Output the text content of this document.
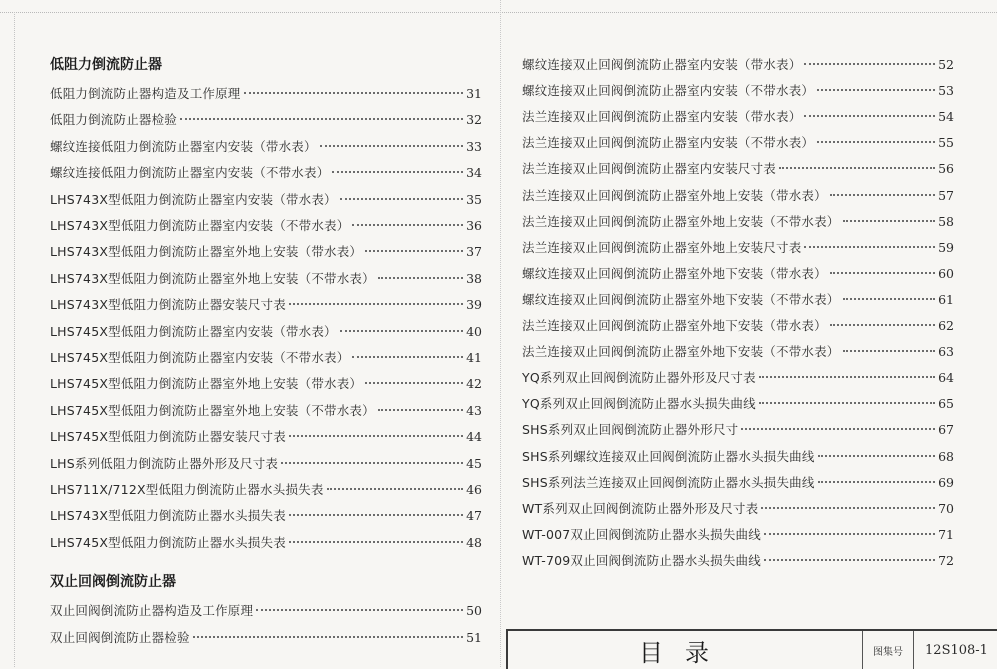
低阻力倒流防止器
低阻力倒流防止器构造及工作原理	31
低阻力倒流防止器检验	32
螺纹连接低阻力倒流防止器室内安装（带水表）	33
螺纹连接低阻力倒流防止器室内安装（不带水表）	34
LHS743X型低阻力倒流防止器室内安装（带水表）	35
LHS743X型低阻力倒流防止器室内安装（不带水表）	36
LHS743X型低阻力倒流防止器室外地上安装（带水表）	37
LHS743X型低阻力倒流防止器室外地上安装（不带水表）	38
LHS743X型低阻力倒流防止器安装尺寸表	39
LHS745X型低阻力倒流防止器室内安装（带水表）	40
LHS745X型低阻力倒流防止器室内安装（不带水表）	41
LHS745X型低阻力倒流防止器室外地上安装（带水表）	42
LHS745X型低阻力倒流防止器室外地上安装（不带水表）	43
LHS745X型低阻力倒流防止器安装尺寸表	44
LHS系列低阻力倒流防止器外形及尺寸表	45
LHS711X/712X型低阻力倒流防止器水头损失表	46
LHS743X型低阻力倒流防止器水头损失表	47
LHS745X型低阻力倒流防止器水头损失表	48
双止回阀倒流防止器
双止回阀倒流防止器构造及工作原理	50
双止回阀倒流防止器检验	51
螺纹连接双止回阀倒流防止器室内安装（带水表）	52
螺纹连接双止回阀倒流防止器室内安装（不带水表）	53
法兰连接双止回阀倒流防止器室内安装（带水表）	54
法兰连接双止回阀倒流防止器室内安装（不带水表）	55
法兰连接双止回阀倒流防止器室内安装尺寸表	56
法兰连接双止回阀倒流防止器室外地上安装（带水表）	57
法兰连接双止回阀倒流防止器室外地上安装（不带水表）	58
法兰连接双止回阀倒流防止器室外地上安装尺寸表	59
螺纹连接双止回阀倒流防止器室外地下安装（带水表）	60
螺纹连接双止回阀倒流防止器室外地下安装（不带水表）	61
法兰连接双止回阀倒流防止器室外地下安装（带水表）	62
法兰连接双止回阀倒流防止器室外地下安装（不带水表）	63
YQ系列双止回阀倒流防止器外形及尺寸表	64
YQ系列双止回阀倒流防止器水头损失曲线	65
SHS系列双止回阀倒流防止器外形尺寸	67
SHS系列螺纹连接双止回阀倒流防止器水头损失曲线	68
SHS系列法兰连接双止回阀倒流防止器水头损失曲线	69
WT系列双止回阀倒流防止器外形及尺寸表	70
WT-007双止回阀倒流防止器水头损失曲线	71
WT-709双止回阀倒流防止器水头损失曲线	72
目录	图集号	12S108-1
